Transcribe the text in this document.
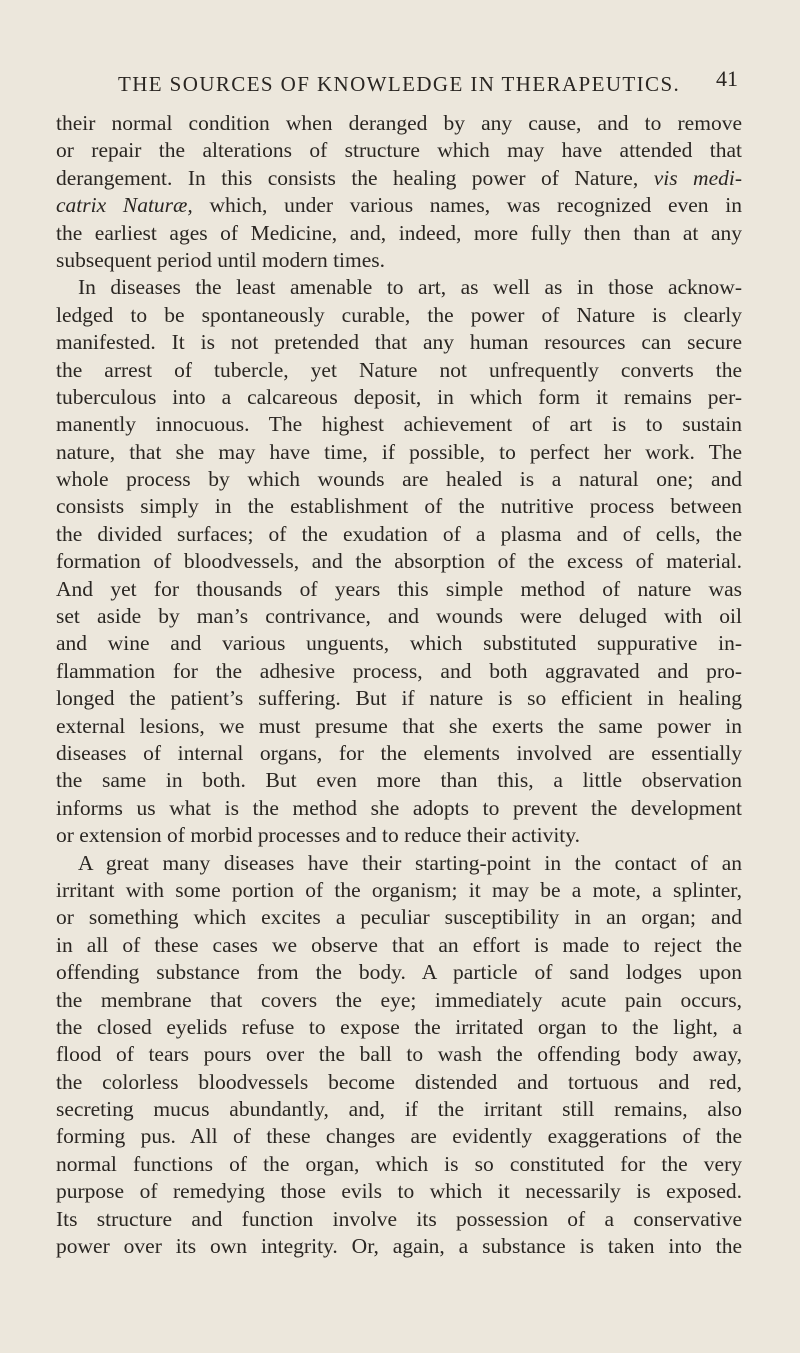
THE SOURCES OF KNOWLEDGE IN THERAPEUTICS. 41
their normal condition when deranged by any cause, and to remove
or repair the alterations of structure which may have attended that
derangement. In this consists the healing power of Nature, vis medi-
catrix Naturæ, which, under various names, was recognized even in
the earliest ages of Medicine, and, indeed, more fully then than at any
subsequent period until modern times.
In diseases the least amenable to art, as well as in those acknow-
ledged to be spontaneously curable, the power of Nature is clearly
manifested. It is not pretended that any human resources can secure
the arrest of tubercle, yet Nature not unfrequently converts the
tuberculous into a calcareous deposit, in which form it remains per-
manently innocuous. The highest achievement of art is to sustain
nature, that she may have time, if possible, to perfect her work. The
whole process by which wounds are healed is a natural one; and
consists simply in the establishment of the nutritive process between
the divided surfaces; of the exudation of a plasma and of cells, the
formation of bloodvessels, and the absorption of the excess of material.
And yet for thousands of years this simple method of nature was
set aside by man’s contrivance, and wounds were deluged with oil
and wine and various unguents, which substituted suppurative in-
flammation for the adhesive process, and both aggravated and pro-
longed the patient’s suffering. But if nature is so efficient in healing
external lesions, we must presume that she exerts the same power in
diseases of internal organs, for the elements involved are essentially
the same in both. But even more than this, a little observation
informs us what is the method she adopts to prevent the development
or extension of morbid processes and to reduce their activity.
A great many diseases have their starting-point in the contact of an
irritant with some portion of the organism; it may be a mote, a splinter,
or something which excites a peculiar susceptibility in an organ; and
in all of these cases we observe that an effort is made to reject the
offending substance from the body. A particle of sand lodges upon
the membrane that covers the eye; immediately acute pain occurs,
the closed eyelids refuse to expose the irritated organ to the light, a
flood of tears pours over the ball to wash the offending body away,
the colorless bloodvessels become distended and tortuous and red,
secreting mucus abundantly, and, if the irritant still remains, also
forming pus. All of these changes are evidently exaggerations of the
normal functions of the organ, which is so constituted for the very
purpose of remedying those evils to which it necessarily is exposed.
Its structure and function involve its possession of a conservative
power over its own integrity. Or, again, a substance is taken into the
